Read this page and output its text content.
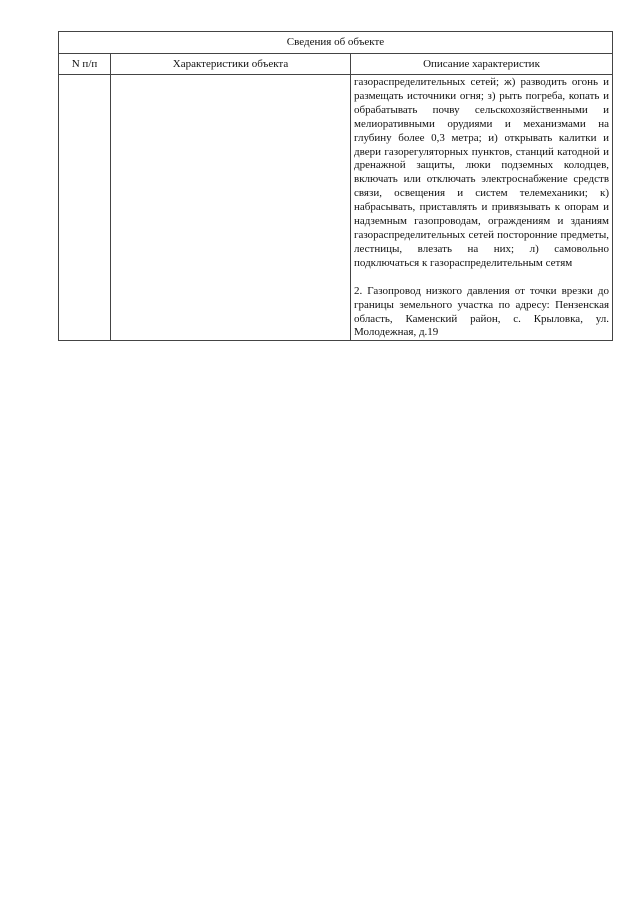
Сведения об объекте		
N п/п	Характеристики объекта	Описание характеристик

		газораспределительных сетей; ж) разводить огонь и размещать источники огня; з) рыть погреба, копать и обрабатывать почву сельскохозяйственными и мелиоративными орудиями и механизмами на глубину более 0,3 метра; и) открывать калитки и двери газорегуляторных пунктов, станций катодной и дренажной защиты, люки подземных колодцев, включать или отключать электроснабжение средств связи, освещения и систем телемеханики; к) набрасывать, приставлять и привязывать к опорам и надземным газопроводам, ограждениям и зданиям газораспределительных сетей посторонние предметы, лестницы, влезать на них; л) самовольно подключаться к газораспределительным сетям

2. Газопровод низкого давления от точки врезки до границы земельного участка по адресу: Пензенская область, Каменский район, с. Крыловка, ул. Молодежная, д.19
